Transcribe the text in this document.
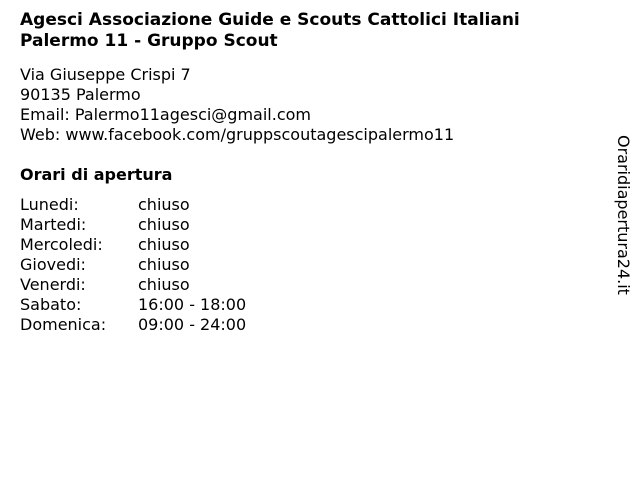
Agesci Associazione Guide e Scouts Cattolici Italiani
Palermo 11 - Gruppo Scout
Via Giuseppe Crispi 7
90135 Palermo
Email: Palermo11agesci@gmail.com
Web: www.facebook.com/gruppscoutagescipalermo11
Orari di apertura
Lunedi:	chiuso
Martedi:	chiuso
Mercoledi:	chiuso
Giovedi:	chiuso
Venerdi:	chiuso
Sabato:	16:00 - 18:00
Domenica:	09:00 - 24:00
Oraridiapertura24.it
